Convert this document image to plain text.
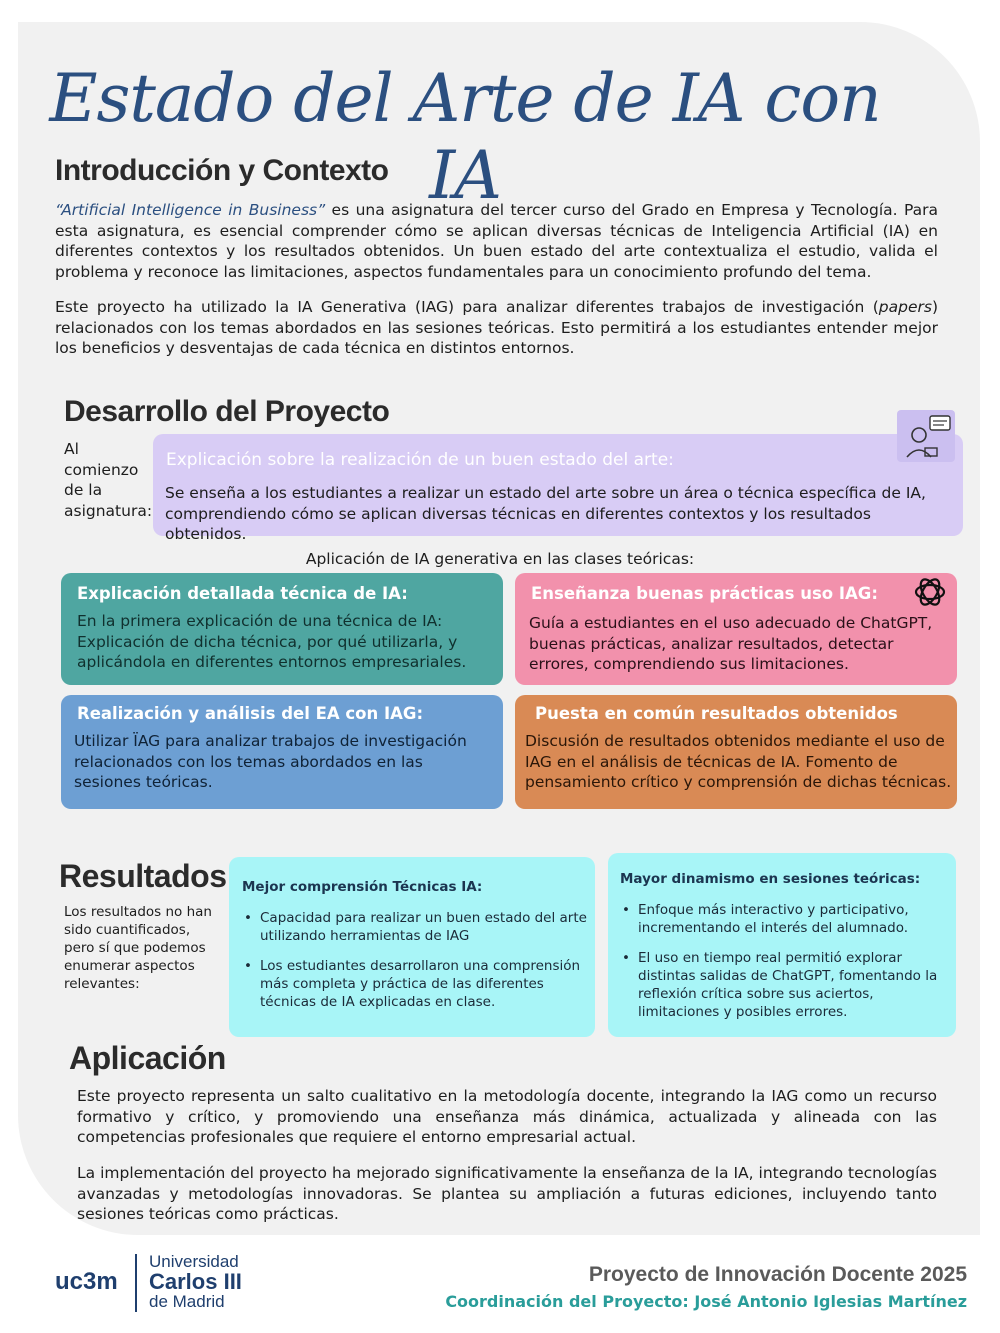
Estado del Arte de IA con IA
Introducción y Contexto
“Artificial Intelligence in Business” es una asignatura del tercer curso del Grado en Empresa y Tecnología. Para esta asignatura, es esencial comprender cómo se aplican diversas técnicas de Inteligencia Artificial (IA) en diferentes contextos y los resultados obtenidos. Un buen estado del arte contextualiza el estudio, valida el problema y reconoce las limitaciones, aspectos fundamentales para un conocimiento profundo del tema.
Este proyecto ha utilizado la IA Generativa (IAG) para analizar diferentes trabajos de investigación (papers) relacionados con los temas abordados en las sesiones teóricas. Esto permitirá a los estudiantes entender mejor los beneficios y desventajas de cada técnica en distintos entornos.
Desarrollo del Proyecto
Al comienzo de la asignatura:
Explicación sobre la realización de un buen estado del arte:
Se enseña a los estudiantes a realizar un estado del arte sobre un área o técnica específica de IA, comprendiendo cómo se aplican diversas técnicas en diferentes contextos y los resultados obtenidos.
Aplicación de IA generativa en las clases teóricas:
Explicación detallada técnica de IA:
En la primera explicación de una técnica de IA: Explicación de dicha técnica, por qué utilizarla, y aplicándola en diferentes entornos empresariales.
Enseñanza buenas prácticas uso IAG:
Guía a estudiantes en el uso adecuado de ChatGPT, buenas prácticas, analizar resultados, detectar errores, comprendiendo sus limitaciones.
Realización y análisis del EA con IAG:
Utilizar ÏAG para analizar trabajos de investigación relacionados con los temas abordados en las sesiones teóricas.
Puesta en común resultados obtenidos
Discusión de resultados obtenidos mediante el uso de IAG en el análisis de técnicas de IA. Fomento de pensamiento crítico y comprensión de dichas técnicas.
Resultados
Los resultados no han sido cuantificados, pero sí que podemos enumerar aspectos relevantes:
Mejor comprensión Técnicas IA:
• Capacidad para realizar un buen estado del arte utilizando herramientas de IAG
• Los estudiantes desarrollaron una comprensión más completa y práctica de las diferentes técnicas de IA explicadas en clase.
Mayor dinamismo en sesiones teóricas:
• Enfoque más interactivo y participativo, incrementando el interés del alumnado.
• El uso en tiempo real permitió explorar distintas salidas de ChatGPT, fomentando la reflexión crítica sobre sus aciertos, limitaciones y posibles errores.
Aplicación
Este proyecto representa un salto cualitativo en la metodología docente, integrando la IAG como un recurso formativo y crítico, y promoviendo una enseñanza más dinámica, actualizada y alineada con las competencias profesionales que requiere el entorno empresarial actual.
La implementación del proyecto ha mejorado significativamente la enseñanza de la IA, integrando tecnologías avanzadas y metodologías innovadoras. Se plantea su ampliación a futuras ediciones, incluyendo tanto sesiones teóricas como prácticas.
uc3m
Universidad
Carlos III
de Madrid
Proyecto de Innovación Docente 2025
Coordinación del Proyecto: José Antonio Iglesias Martínez
